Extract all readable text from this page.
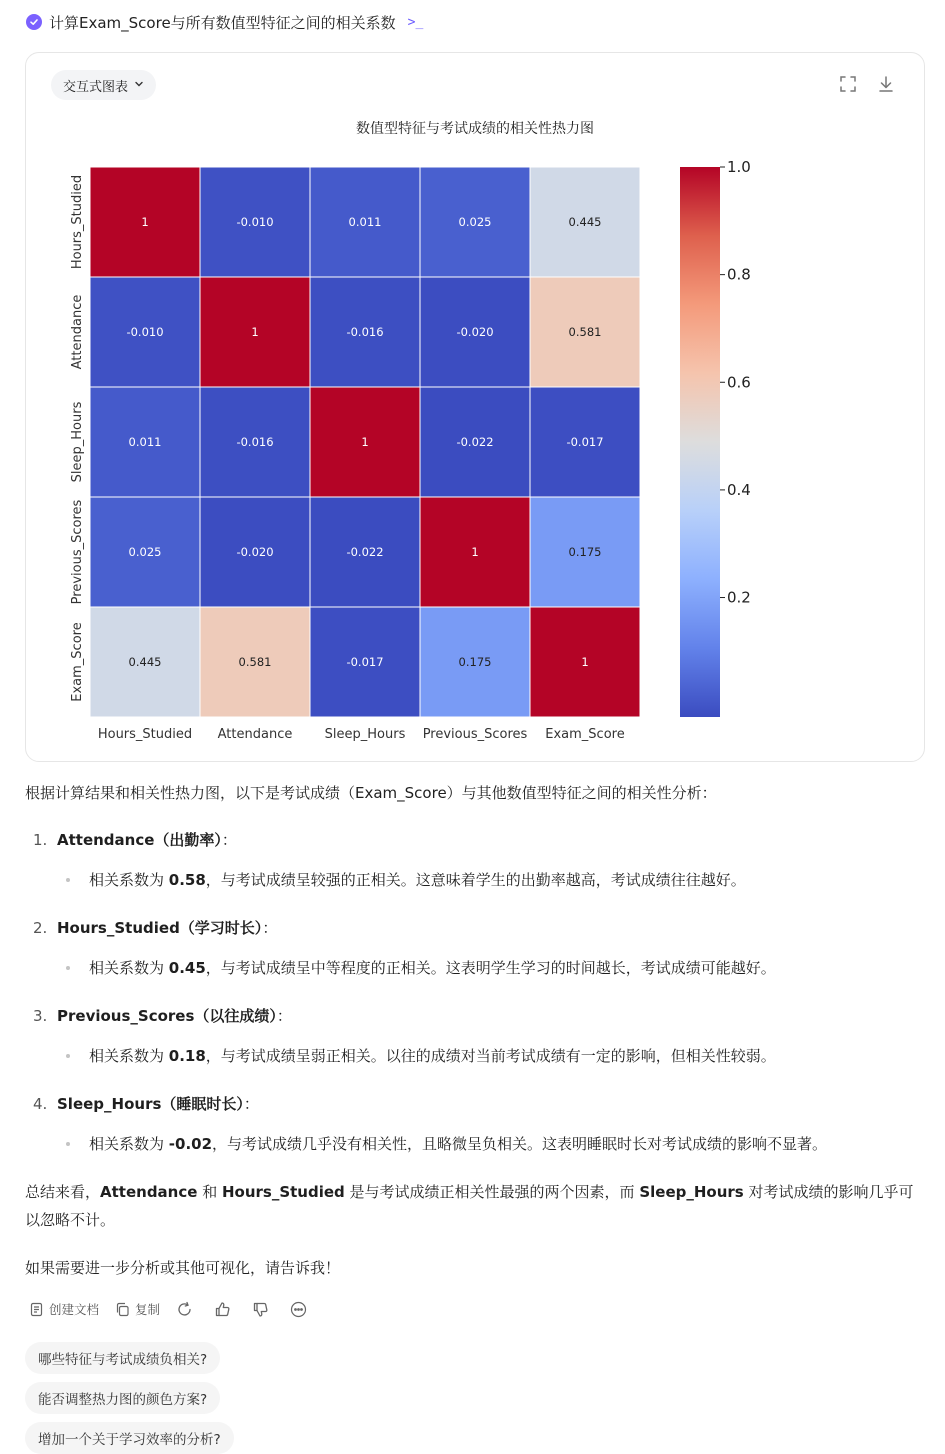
计算Exam_Score与所有数值型特征之间的相关系数 >_
交互式图表
数值型特征与考试成绩的相关性热力图
1	-0.010	0.011	0.025	0.445
-0.010	1	-0.016	-0.020	0.581
0.011	-0.016	1	-0.022	-0.017
0.025	-0.020	-0.022	1	0.175
0.445	0.581	-0.017	0.175	1
Hours_Studied Attendance Sleep_Hours Previous_Scores Exam_Score
Hours_Studied
Attendance
Sleep_Hours
Previous_Scores
Exam_Score
1.0
0.8
0.6
0.4
0.2
根据计算结果和相关性热力图，以下是考试成绩（Exam_Score）与其他数值型特征之间的相关性分析：
1. Attendance（出勤率）：
相关系数为 0.58，与考试成绩呈较强的正相关。这意味着学生的出勤率越高，考试成绩往往越好。
2. Hours_Studied（学习时长）：
相关系数为 0.45，与考试成绩呈中等程度的正相关。这表明学生学习的时间越长，考试成绩可能越好。
3. Previous_Scores（以往成绩）：
相关系数为 0.18，与考试成绩呈弱正相关。以往的成绩对当前考试成绩有一定的影响，但相关性较弱。
4. Sleep_Hours（睡眠时长）：
相关系数为 -0.02，与考试成绩几乎没有相关性，且略微呈负相关。这表明睡眠时长对考试成绩的影响不显著。
总结来看，Attendance 和 Hours_Studied 是与考试成绩正相关性最强的两个因素，而 Sleep_Hours 对考试成绩的影响几乎可以忽略不计。
如果需要进一步分析或其他可视化，请告诉我！
创建文档	复制
哪些特征与考试成绩负相关?
能否调整热力图的颜色方案?
增加一个关于学习效率的分析?
